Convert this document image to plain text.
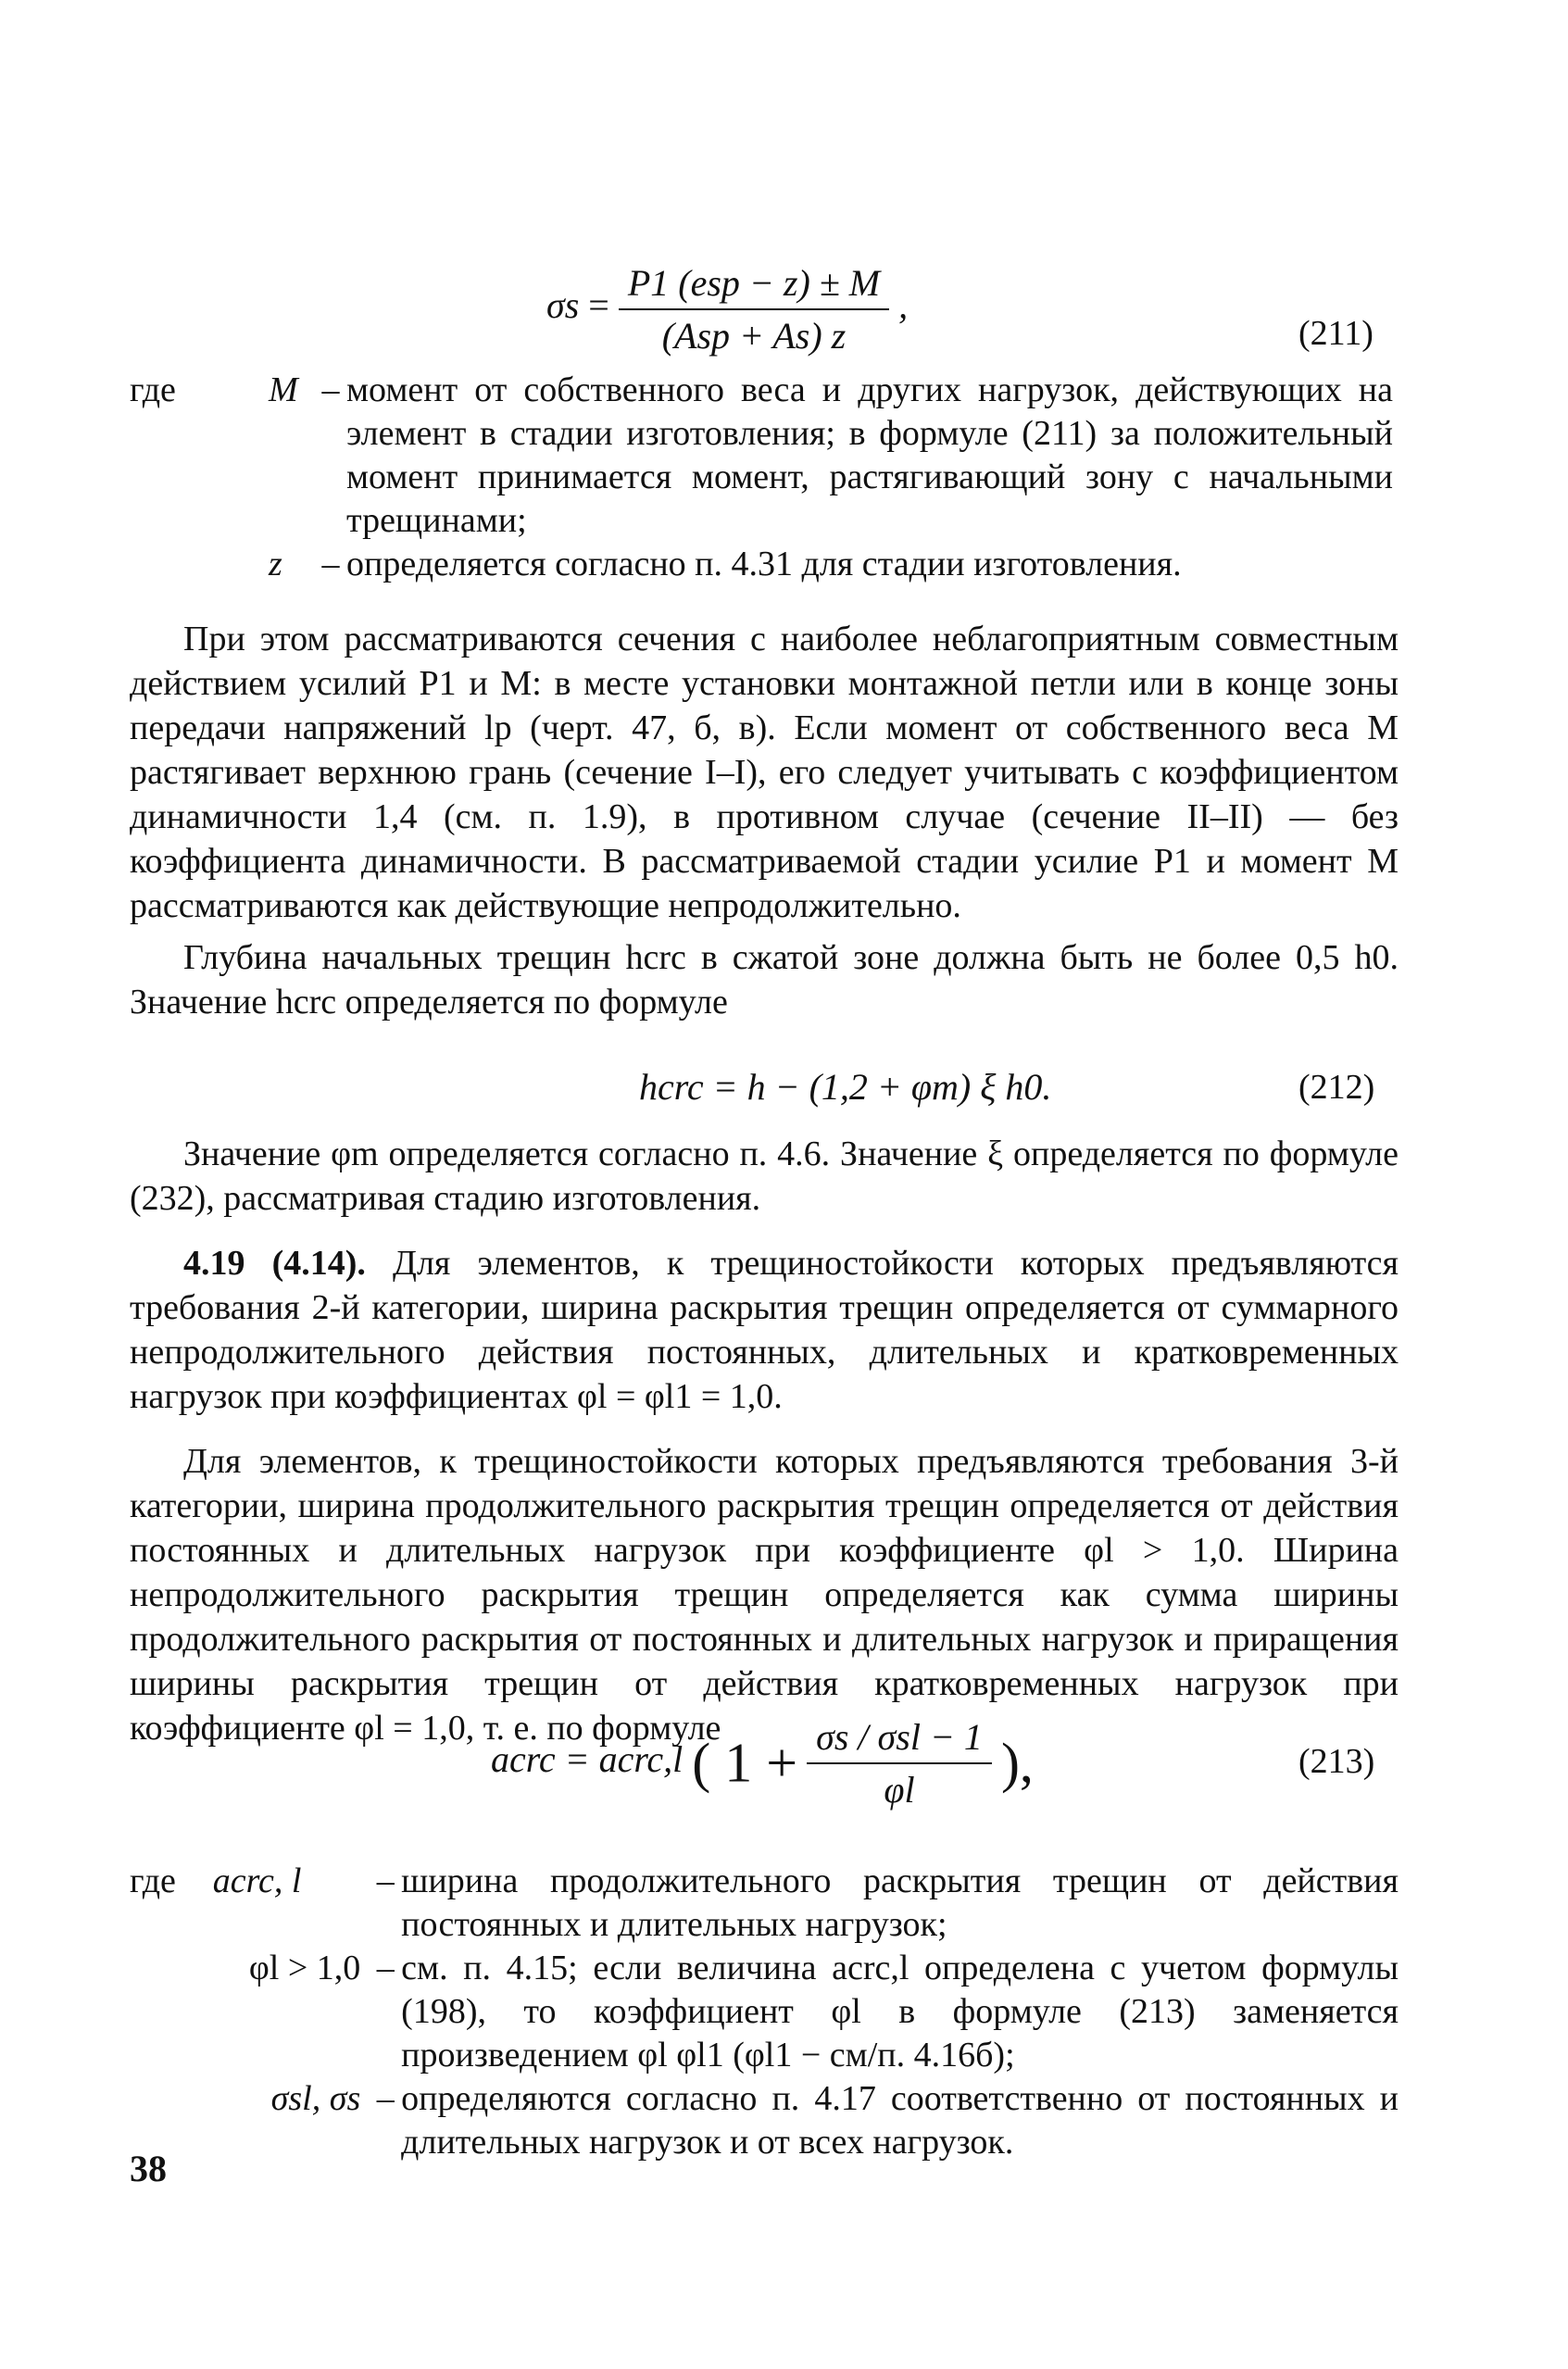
$\sigma s = \frac{\text{P1 (esp − z) ± M}}{\text{(Asp + As) z}}$ ,
(211)
где	M – момент от собственного веса и других нагрузок, действующих на элемент в стадии изготовления; в формуле (211) за положительный момент принимается момент, растягивающий зону с начальными трещинами;
z	– определяется согласно п. 4.31 для стадии изготовления.

При этом рассматриваются сечения с наиболее неблагоприятным совместным действием усилий P1 и M: в месте установки монтажной петли или в конце зоны передачи напряжений lp (черт. 47, б, в). Если момент от собственного веса M растягивает верхнюю грань (сечение I–I), его следует учитывать с коэффициентом динамичности 1,4 (см. п. 1.9), в противном случае (сечение II–II) — без коэффициента динамичности. В рассматриваемой стадии усилие P1 и момент M рассматриваются как действующие непродолжительно.

Глубина начальных трещин hcrc в сжатой зоне должна быть не более 0,5 h0. Значение hcrc определяется по формуле

hcrc = h − (1,2 + φm) ξ h0.	(212)

Значение φm определяется согласно п. 4.6. Значение ξ определяется по формуле (232), рассматривая стадию изготовления.

4.19 (4.14). Для элементов, к трещиностойкости которых предъявляются требования 2-й категории, ширина раскрытия трещин определяется от суммарного непродолжительного действия постоянных, длительных и кратковременных нагрузок при коэффициентах φl = φl1 = 1,0.

Для элементов, к трещиностойкости которых предъявляются требования 3-й категории, ширина продолжительного раскрытия трещин определяется от действия постоянных и длительных нагрузок при коэффициенте φl > 1,0. Ширина непродолжительного раскрытия трещин определяется как сумма ширины продолжительного раскрытия от постоянных и длительных нагрузок и приращения ширины раскрытия трещин от действия кратковременных нагрузок при коэффициенте φl = 1,0, т. е. по формуле

acrc = acrc,l ( $1 + \frac{\text{σs / σsl − 1}}{\varphi l}$ ),	(213)
где	acrc, l	– ширина продолжительного раскрытия трещин от действия постоянных и длительных нагрузок;
φl > 1,0 – см. п. 4.15; если величина acrc,l определена с учетом формулы (198), то коэффициент φl в формуле (213) заменяется произведением φl φl1 (φl1 − см/п. 4.16б);
σsl, σs – определяются согласно п. 4.17 соответственно от постоянных и длительных нагрузок и от всех нагрузок.
38
